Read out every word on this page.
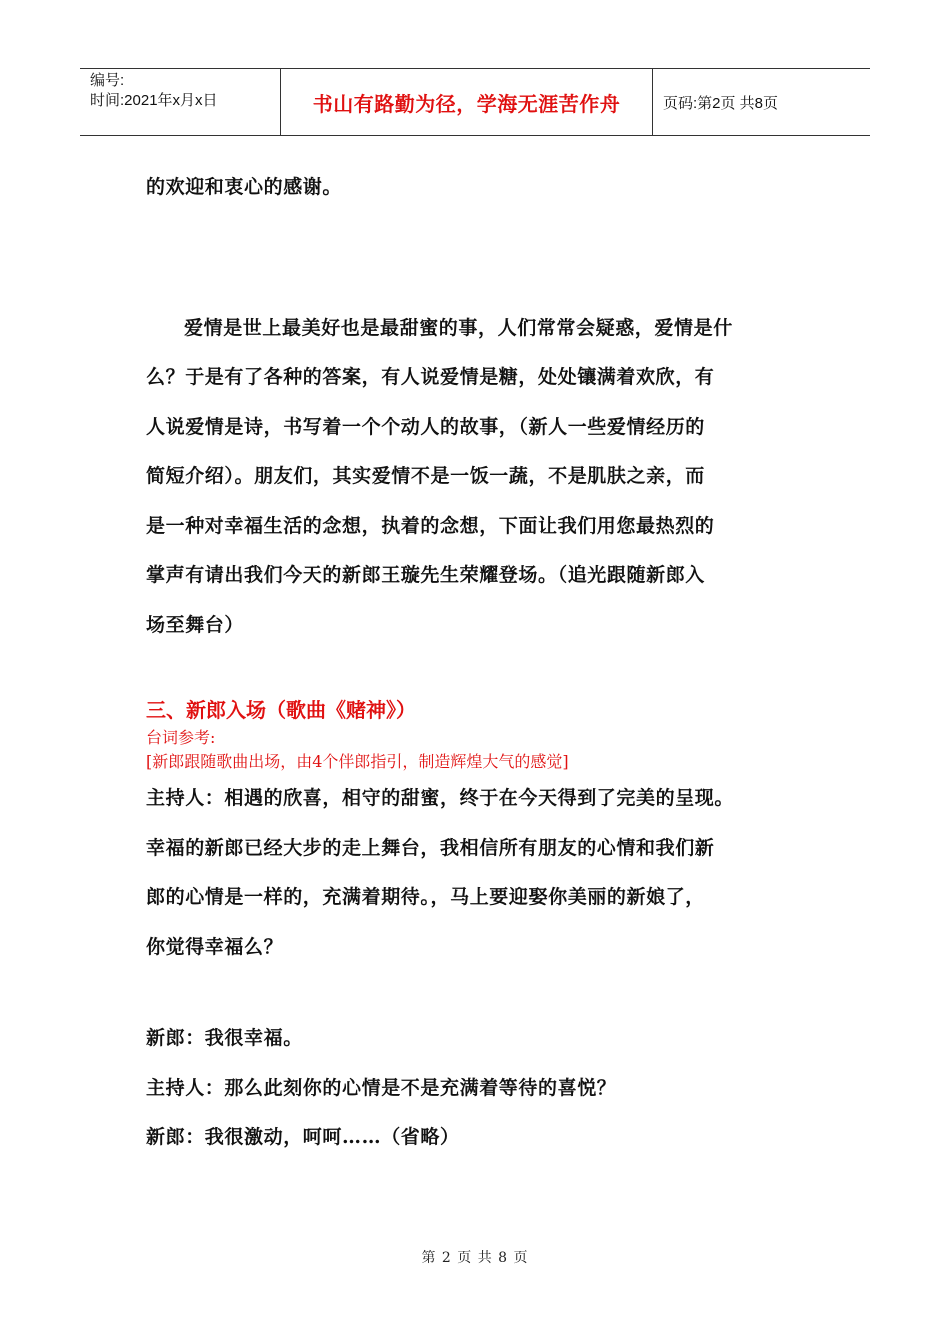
编号:
时间:2021年x月x日	书山有路勤为径，学海无涯苦作舟	页码:第2页 共8页

的欢迎和衷心的感谢。

爱情是世上最美好也是最甜蜜的事，人们常常会疑惑，爱情是什

么？于是有了各种的答案，有人说爱情是糖，处处镶满着欢欣，有

人说爱情是诗，书写着一个个动人的故事，（新人一些爱情经历的

简短介绍）。朋友们，其实爱情不是一饭一蔬，不是肌肤之亲，而

是一种对幸福生活的念想，执着的念想，下面让我们用您最热烈的

掌声有请出我们今天的新郎王璇先生荣耀登场。（追光跟随新郎入

场至舞台）

三、新郎入场（歌曲《赌神》）

台词参考:

[新郎跟随歌曲出场，由4个伴郎指引，制造辉煌大气的感觉]

主持人：相遇的欣喜，相守的甜蜜，终于在今天得到了完美的呈现。

幸福的新郎已经大步的走上舞台，我相信所有朋友的心情和我们新

郎的心情是一样的，充满着期待。，马上要迎娶你美丽的新娘了，

你觉得幸福么？

新郎：我很幸福。

主持人：那么此刻你的心情是不是充满着等待的喜悦？

新郎：我很激动，呵呵……（省略）

第 2 页 共 8 页
